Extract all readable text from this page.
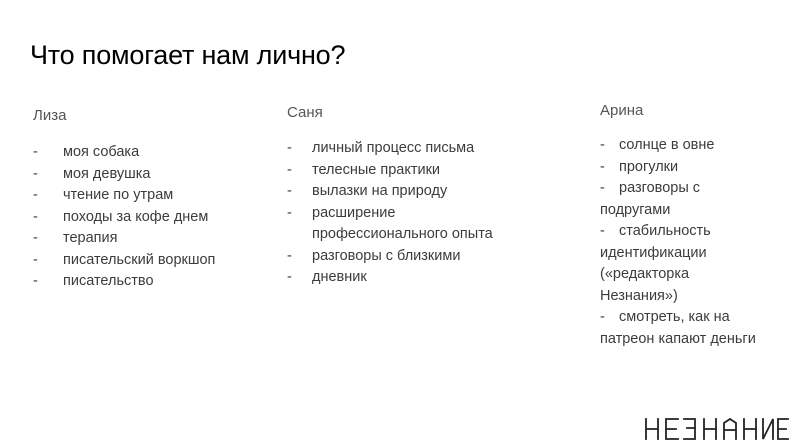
Что помогает нам лично?
Лиза
- моя собака
- моя девушка
- чтение по утрам
- походы за кофе днем
- терапия
- писательский воркшоп
- писательство
Саня
- личный процесс письма
- телесные практики
- вылазки на природу
- расширение
профессионального опыта
- разговоры с близкими
- дневник
Арина
- солнце в овне
- прогулки
- разговоры с
подругами
- стабильность
идентификации
(«редакторка
Незнания»)
- смотреть, как на
патреон капают деньги
